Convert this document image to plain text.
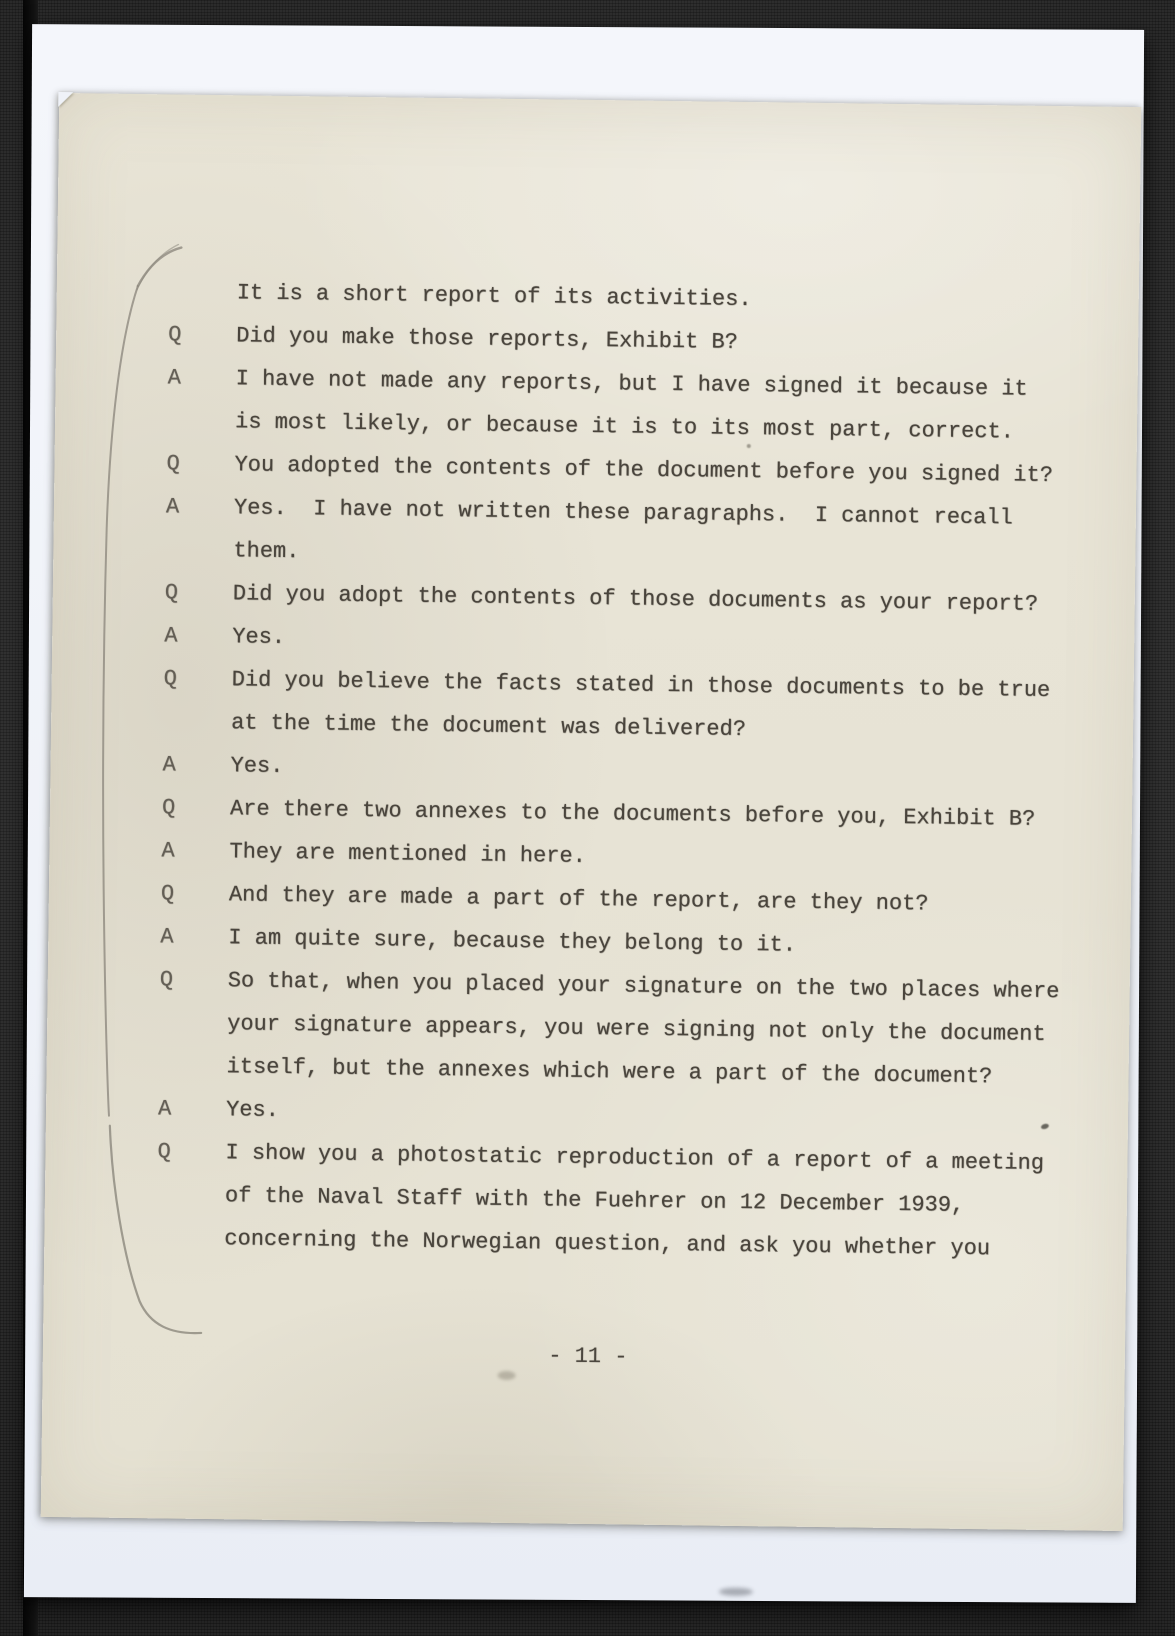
It is a short report of its activities.
Q	Did you make those reports, Exhibit B?
A	I have not made any reports, but I have signed it because it
is most likely, or because it is to its most part, correct.
Q	You adopted the contents of the document before you signed it?
A	Yes.  I have not written these paragraphs.  I cannot recall
them.
Q	Did you adopt the contents of those documents as your report?
A	Yes.
Q	Did you believe the facts stated in those documents to be true
at the time the document was delivered?
A	Yes.
Q	Are there two annexes to the documents before you, Exhibit B?
A	They are mentioned in here.
Q	And they are made a part of the report, are they not?
A	I am quite sure, because they belong to it.
Q	So that, when you placed your signature on the two places where
your signature appears, you were signing not only the document
itself, but the annexes which were a part of the document?
A	Yes.
Q	I show you a photostatic reproduction of a report of a meeting
of the Naval Staff with the Fuehrer on 12 December 1939,
concerning the Norwegian question, and ask you whether you
- 11 -
